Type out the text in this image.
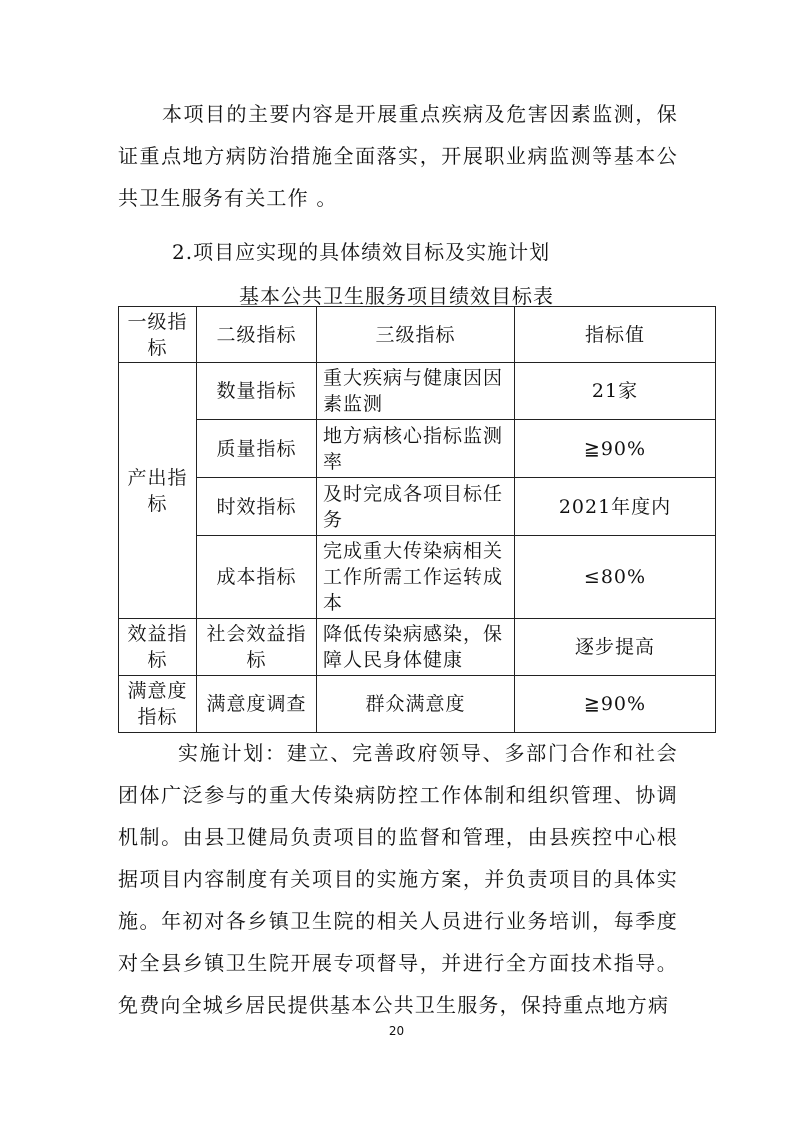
本项目的主要内容是开展重点疾病及危害因素监测，保证重点地方病防治措施全面落实，开展职业病监测等基本公共卫生服务有关工作 。

2.项目应实现的具体绩效目标及实施计划
基本公共卫生服务项目绩效目标表
一级指标	二级指标	三级指标	指标值
产出指标	数量指标	重大疾病与健康因因素监测	21家
	质量指标	地方病核心指标监测率	≧90%
	时效指标	及时完成各项目标任务	2021年度内
	成本指标	完成重大传染病相关工作所需工作运转成本	≤80%
效益指标	社会效益指标	降低传染病感染，保障人民身体健康	逐步提高
满意度指标	满意度调查	群众满意度	≧90%

实施计划：建立、完善政府领导、多部门合作和社会团体广泛参与的重大传染病防控工作体制和组织管理、协调机制。由县卫健局负责项目的监督和管理，由县疾控中心根据项目内容制度有关项目的实施方案，并负责项目的具体实施。年初对各乡镇卫生院的相关人员进行业务培训，每季度对全县乡镇卫生院开展专项督导，并进行全方面技术指导。免费向全城乡居民提供基本公共卫生服务，保持重点地方病

20
